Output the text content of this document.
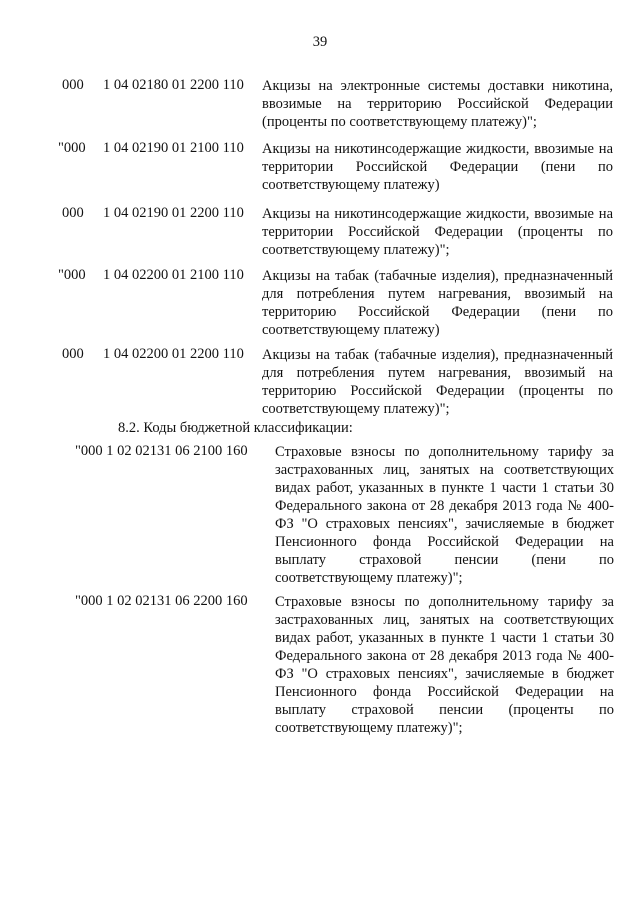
39
000 1 04 02180 01 2200 110 Акцизы на электронные системы доставки никотина, ввозимые на территорию Российской Федерации (проценты по соответствующему платежу)";
"000 1 04 02190 01 2100 110 Акцизы на никотинсодержащие жидкости, ввозимые на территории Российской Федерации (пени по соответствующему платежу)
000 1 04 02190 01 2200 110 Акцизы на никотинсодержащие жидкости, ввозимые на территории Российской Федерации (проценты по соответствующему платежу)";
"000 1 04 02200 01 2100 110 Акцизы на табак (табачные изделия), предназначенный для потребления путем нагревания, ввозимый на территорию Российской Федерации (пени по соответствующему платежу)
000 1 04 02200 01 2200 110 Акцизы на табак (табачные изделия), предназначенный для потребления путем нагревания, ввозимый на территорию Российской Федерации (проценты по соответствующему платежу)";
8.2. Коды бюджетной классификации:
"000 1 02 02131 06 2100 160 Страховые взносы по дополнительному тарифу за застрахованных лиц, занятых на соответствующих видах работ, указанных в пункте 1 части 1 статьи 30 Федерального закона от 28 декабря 2013 года № 400-ФЗ "О страховых пенсиях", зачисляемые в бюджет Пенсионного фонда Российской Федерации на выплату страховой пенсии (пени по соответствующему платежу)";
"000 1 02 02131 06 2200 160 Страховые взносы по дополнительному тарифу за застрахованных лиц, занятых на соответствующих видах работ, указанных в пункте 1 части 1 статьи 30 Федерального закона от 28 декабря 2013 года № 400-ФЗ "О страховых пенсиях", зачисляемые в бюджет Пенсионного фонда Российской Федерации на выплату страховой пенсии (проценты по соответствующему платежу)";
